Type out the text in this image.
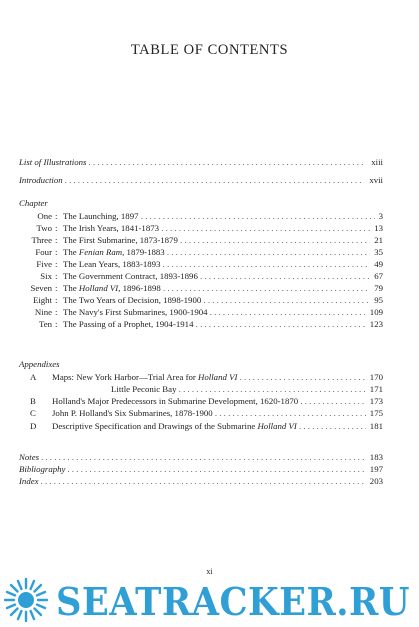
TABLE OF CONTENTS
List of Illustrations . . .	xiii
Introduction . . .	xvii
Chapter
One : The Launching, 1897 . . .	3
Two : The Irish Years, 1841-1873 . . .	13
Three : The First Submarine, 1873-1879 . . .	21
Four : The Fenian Ram, 1879-1883 . . .	35
Five : The Lean Years, 1883-1893 . . .	49
Six : The Government Contract, 1893-1896 . . .	67
Seven : The Holland VI, 1896-1898 . . .	79
Eight : The Two Years of Decision, 1898-1900 . . .	95
Nine : The Navy's First Submarines, 1900-1904 . . .	109
Ten : The Passing of a Prophet, 1904-1914 . . .	123
Appendixes
A Maps: New York Harbor—Trial Area for Holland VI . . .	170
Little Peconic Bay . . .	171
B Holland's Major Predecessors in Submarine Development, 1620-1870 . . .	173
C John P. Holland's Six Submarines, 1878-1900 . . .	175
D Descriptive Specification and Drawings of the Submarine Holland VI . . .	181
Notes . . .	183
Bibliography . . .	197
Index . . .	203
xi
SEATRACKER.RU
